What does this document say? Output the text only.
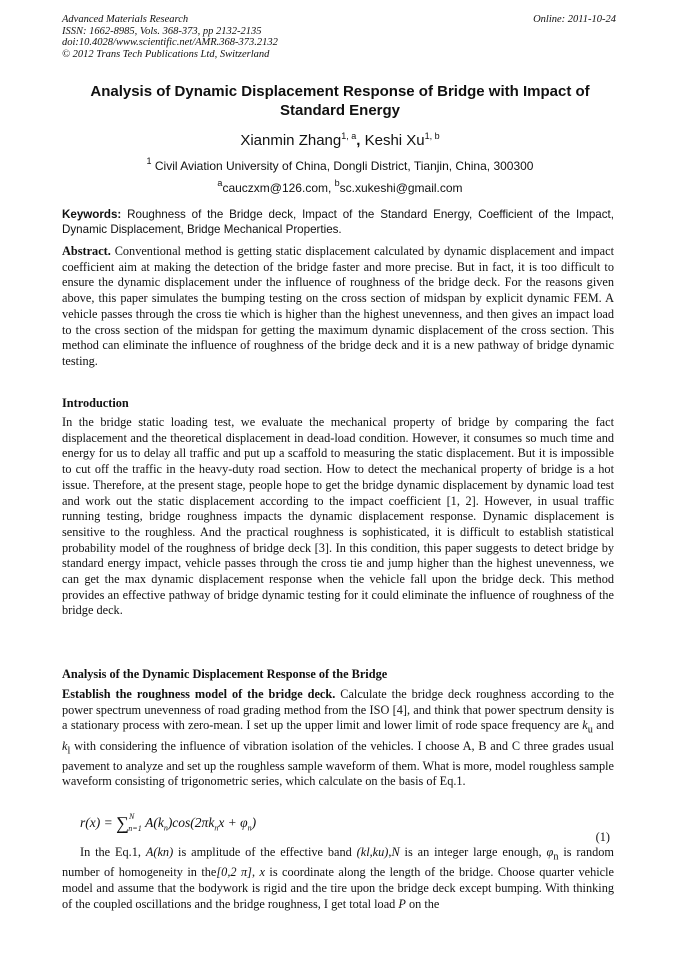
Advanced Materials Research
ISSN: 1662-8985, Vols. 368-373, pp 2132-2135
doi:10.4028/www.scientific.net/AMR.368-373.2132
© 2012 Trans Tech Publications Ltd, Switzerland
Online: 2011-10-24
Analysis of Dynamic Displacement Response of Bridge with Impact of Standard Energy
Xianmin Zhang$^{1, a}$, Keshi Xu$^{1, b}$
$^1$ Civil Aviation University of China, Dongli District, Tianjin, China, 300300
$^a$cauczxm@126.com, $^b$sc.xukeshi@gmail.com
Keywords: Roughness of the Bridge deck, Impact of the Standard Energy, Coefficient of the Impact, Dynamic Displacement, Bridge Mechanical Properties.

Abstract. Conventional method is getting static displacement calculated by dynamic displacement and impact coefficient aim at making the detection of the bridge faster and more precise. But in fact, it is too difficult to ensure the dynamic displacement under the influence of roughness of the bridge deck. For the reasons given above, this paper simulates the bumping testing on the cross section of midspan by explicit dynamic FEM. A vehicle passes through the cross tie which is higher than the highest unevenness, and then gives an impact load to the cross section of the midspan for getting the maximum dynamic displacement of the cross section. This method can eliminate the influence of roughness of the bridge deck and it is a new pathway of bridge dynamic testing.

Introduction
In the bridge static loading test, we evaluate the mechanical property of bridge by comparing the fact displacement and the theoretical displacement in dead-load condition. However, it consumes so much time and energy for us to delay all traffic and put up a scaffold to measuring the static displacement. But it is impossible to cut off the traffic in the heavy-duty road section. How to detect the mechanical property of bridge is a hot issue. Therefore, at the present stage, people hope to get the bridge dynamic displacement by dynamic load test and work out the static displacement according to the impact coefficient [1, 2]. However, in usual traffic running testing, bridge roughness impacts the dynamic displacement response. Dynamic displacement is sensitive to the roughless. And the practical roughness is sophisticated, it is difficult to establish statistical probability model of the roughness of bridge deck [3]. In this condition, this paper suggests to detect bridge by standard energy impact, vehicle passes through the cross tie and jump higher than the highest unevenness, we can get the max dynamic displacement response when the vehicle fall upon the bridge deck. This method provides an effective pathway of bridge dynamic testing for it could eliminate the influence of roughness of the bridge deck.
Analysis of the Dynamic Displacement Response of the Bridge

Establish the roughness model of the bridge deck. Calculate the bridge deck roughness according to the power spectrum unevenness of road grading method from the ISO [4], and think that power spectrum density is a stationary process with zero-mean. I set up the upper limit and lower limit of rode space frequency are $k_u$ and $k_l$ with considering the influence of vibration isolation of the vehicles. I choose A, B and C three grades usual pavement to analyze and set up the roughless sample waveform of them. What is more, model roughless sample waveform consisting of trigonometric series, which calculate on the basis of Eq.1.

r(x) = ∑Nn=1 $A(k_n)\cos(2\pi k_nx + \varphi_n)$
(1)

In the Eq.1, A(kn) is amplitude of the effective band (kl,ku),N is an integer large enough, $\varphi_n$ is random number of homogeneity in the[0,2 π], x is coordinate along the length of the bridge. Choose quarter vehicle model and assume that the bodywork is rigid and the tire upon the bridge deck except bumping. With thinking of the coupled oscillations and the bridge roughness, I get total load P on the
